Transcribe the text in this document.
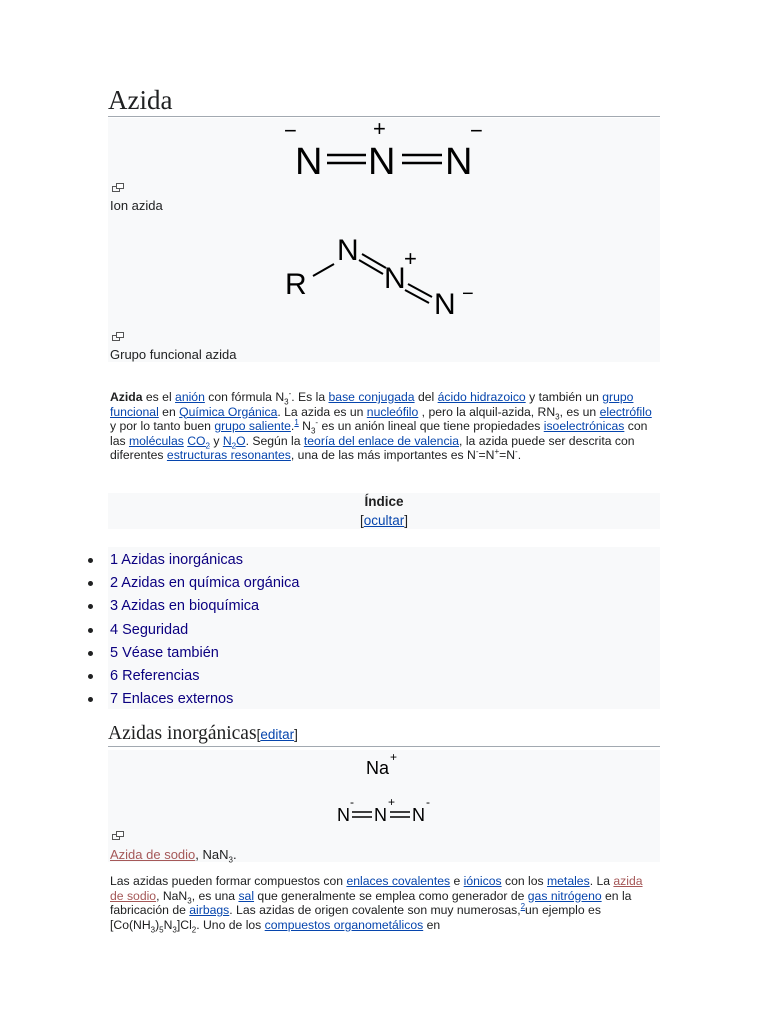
Azida
−	+	−
N N N
Ion azida
R
N
N
+
N −
Grupo funcional azida
Azida es el anión con fórmula $N_3^-$. Es la base conjugada del ácido hidrazoico y también un grupo funcional en Química Orgánica. La azida es un nucleófilo , pero la alquil-azida, $RN_3$, es un electrófilo y por lo tanto buen grupo saliente.$^1$ $N_3^-$ es un anión lineal que tiene propiedades isoelectrónicas con las moléculas $CO_2$ y $N_2O$. Según la teoría del enlace de valencia, la azida puede ser descrita con diferentes estructuras resonantes, una de las más importantes es N-=N+=N-.
Índice
[ocultar]
1 Azidas inorgánicas
2 Azidas en química orgánica
3 Azidas en bioquímica
4 Seguridad
5 Véase también
6 Referencias
7 Enlaces externos
Azidas inorgánicas[editar]
Na
+
-
N
+
N N
-
Azida de sodio, NaN$_3$.
Las azidas pueden formar compuestos con enlaces covalentes e iónicos con los metales. La azida de sodio, NaN$_3$, es una sal que generalmente se emplea como generador de gas nitrógeno en la fabricación de airbags. Las azidas de origen covalente son muy numerosas,$^2$un ejemplo es $[Co(NH_3)_5N_3]Cl_2$. Uno de los compuestos organometálicos en
